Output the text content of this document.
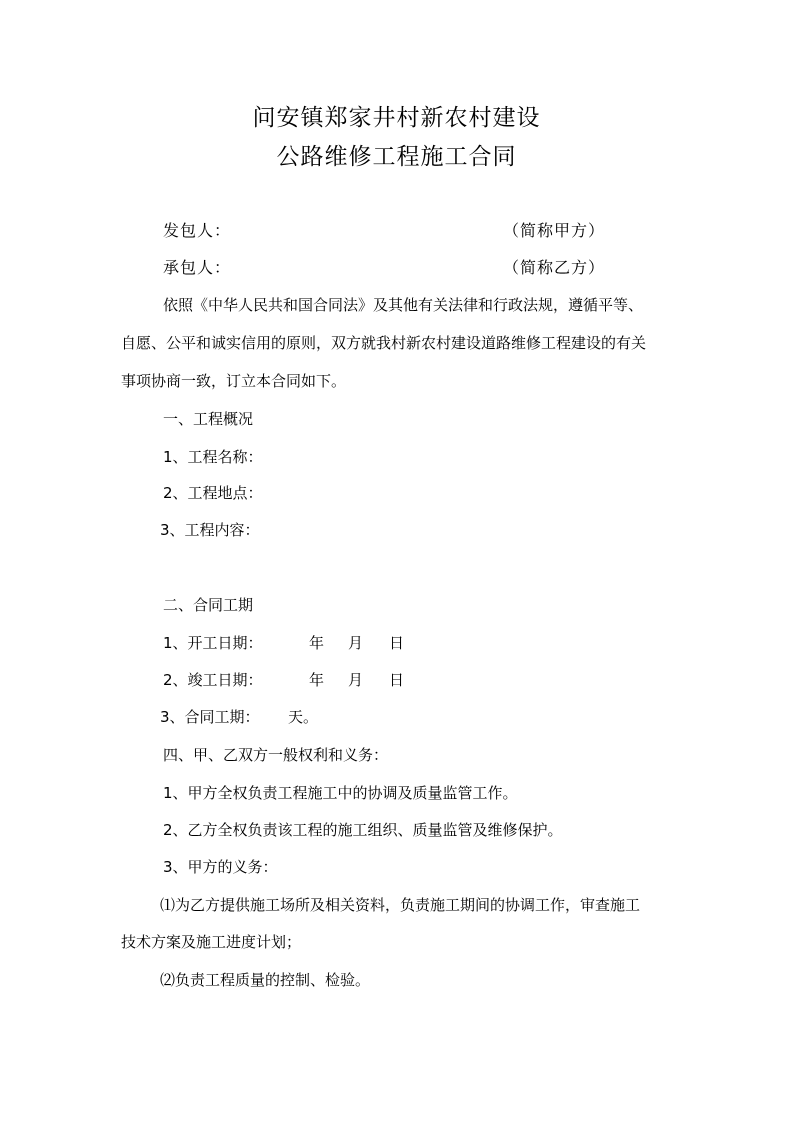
问安镇郑家井村新农村建设
公路维修工程施工合同
发包人：	（简称甲方）
承包人：	（简称乙方）
依照《中华人民共和国合同法》及其他有关法律和行政法规，遵循平等、
自愿、公平和诚实信用的原则，双方就我村新农村建设道路维修工程建设的有关
事项协商一致，订立本合同如下。
一、工程概况
1、工程名称：
2、工程地点：
3、工程内容：
二、合同工期
1、开工日期：	年 月 日
2、竣工日期：	年 月 日
3、合同工期： 天。
四、甲、乙双方一般权利和义务：
1、甲方全权负责工程施工中的协调及质量监管工作。
2、乙方全权负责该工程的施工组织、质量监管及维修保护。
3、甲方的义务：
⑴为乙方提供施工场所及相关资料，负责施工期间的协调工作，审查施工
技术方案及施工进度计划；
⑵负责工程质量的控制、检验。
